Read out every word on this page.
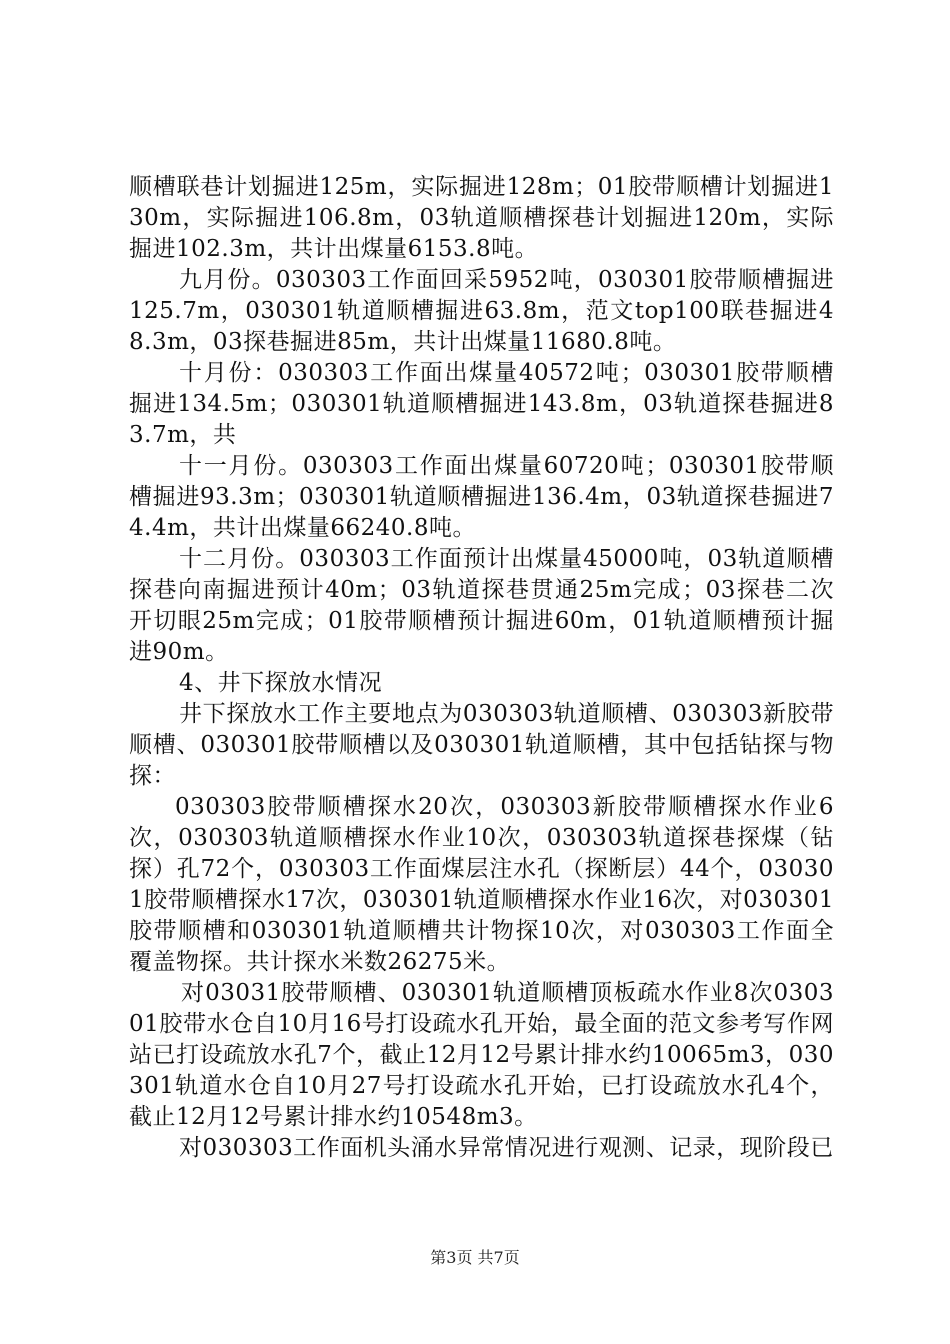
顺槽联巷计划掘进125m，实际掘进128m；01胶带顺槽计划掘进130m，实际掘进106.8m，03轨道顺槽探巷计划掘进120m，实际掘进102.3m，共计出煤量6153.8吨。

九月份。030303工作面回采5952吨，030301胶带顺槽掘进125.7m，030301轨道顺槽掘进63.8m，范文top100联巷掘进48.3m，03探巷掘进85m，共计出煤量11680.8吨。

十月份：030303工作面出煤量40572吨；030301胶带顺槽掘进134.5m；030301轨道顺槽掘进143.8m，03轨道探巷掘进83.7m，共

十一月份。030303工作面出煤量60720吨；030301胶带顺槽掘进93.3m；030301轨道顺槽掘进136.4m，03轨道探巷掘进74.4m，共计出煤量66240.8吨。

十二月份。030303工作面预计出煤量45000吨，03轨道顺槽探巷向南掘进预计40m；03轨道探巷贯通25m完成；03探巷二次开切眼25m完成；01胶带顺槽预计掘进60m，01轨道顺槽预计掘进90m。

4、井下探放水情况

井下探放水工作主要地点为030303轨道顺槽、030303新胶带顺槽、030301胶带顺槽以及030301轨道顺槽，其中包括钻探与物探：

030303胶带顺槽探水20次，030303新胶带顺槽探水作业6次，030303轨道顺槽探水作业10次，030303轨道探巷探煤（钻探）孔72个，030303工作面煤层注水孔（探断层）44个，030301胶带顺槽探水17次，030301轨道顺槽探水作业16次，对030301胶带顺槽和030301轨道顺槽共计物探10次，对030303工作面全覆盖物探。共计探水米数26275米。

对03031胶带顺槽、030301轨道顺槽顶板疏水作业8次030301胶带水仓自10月16号打设疏水孔开始，最全面的范文参考写作网站已打设疏放水孔7个，截止12月12号累计排水约10065m3，030301轨道水仓自10月27号打设疏水孔开始，已打设疏放水孔4个，截止12月12号累计排水约10548m3。

对030303工作面机头涌水异常情况进行观测、记录，现阶段已

第3页 共7页
